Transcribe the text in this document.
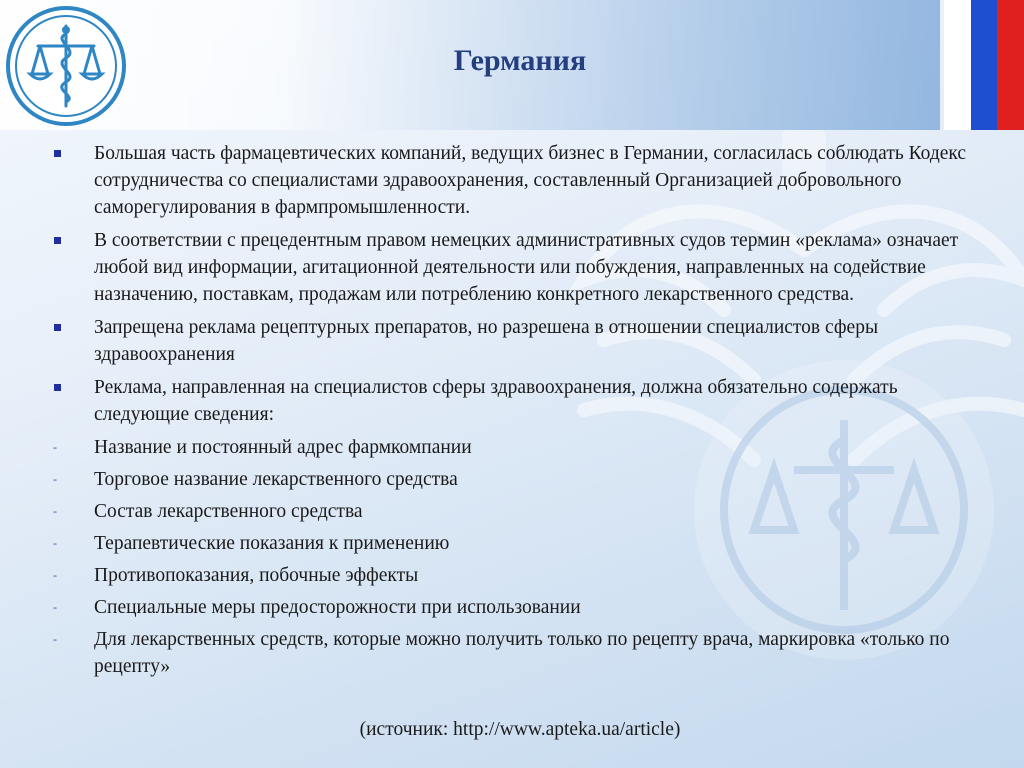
Германия
Большая часть фармацевтических компаний, ведущих бизнес в Германии, согласилась соблюдать Кодекс сотрудничества со специалистами здравоохранения, составленный Организацией добровольного саморегулирования в фармпромышленности.
В соответствии с прецедентным правом немецких административных судов термин «реклама» означает любой вид информации, агитационной деятельности или побуждения, направленных на содействие назначению, поставкам, продажам или потреблению конкретного лекарственного средства.
Запрещена реклама рецептурных препаратов, но разрешена в отношении специалистов сферы здравоохранения
Реклама, направленная на специалистов сферы здравоохранения, должна обязательно содержать следующие сведения:
- Название и постоянный адрес фармкомпании
- Торговое название лекарственного средства
- Состав лекарственного средства
- Терапевтические показания к применению
- Противопоказания, побочные эффекты
- Специальные меры предосторожности при использовании
- Для лекарственных средств, которые можно получить только по рецепту врача, маркировка «только по рецепту»
(источник: http://www.apteka.ua/article)
